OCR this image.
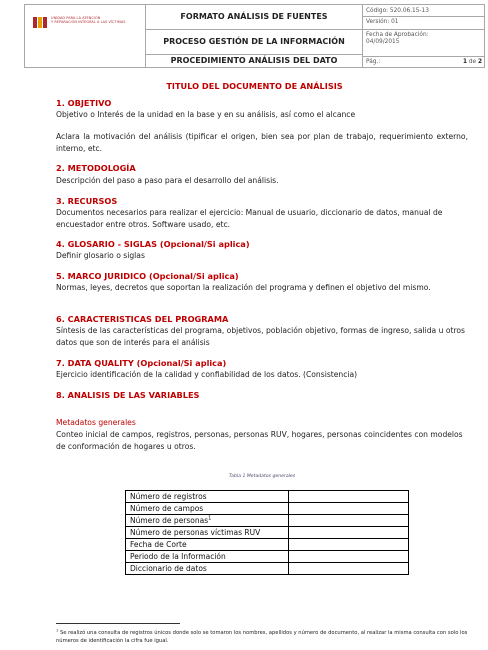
UNIDAD PARA LA ATENCIÓN
Y REPARACIÓN INTEGRAL A LAS VÍCTIMAS
FORMATO ANÁLISIS DE FUENTES
PROCESO GESTIÓN DE LA INFORMACIÓN
PROCEDIMIENTO ANÁLISIS DEL DATO
Código: 520.06.15-13
Versión: 01
Fecha de Aprobación:
04/09/2015
Pág.:	1 de 2
TITULO DEL DOCUMENTO DE ANÁLISIS
1. OBJETIVO
Objetivo o Interés de la unidad en la base y en su análisis, así como el alcance
Aclara la motivación del análisis (tipificar el origen, bien sea por plan de trabajo, requerimiento externo, interno, etc.
2. METODOLOGÍA
Descripción del paso a paso para el desarrollo del análisis.
3. RECURSOS
Documentos necesarios para realizar el ejercicio: Manual de usuario, diccionario de datos, manual de encuestador entre otros. Software usado, etc.
4. GLOSARIO - SIGLAS (Opcional/Si aplica)
Definir glosario o siglas
5. MARCO JURIDICO (Opcional/Si aplica)
Normas, leyes, decretos que soportan la realización del programa y definen el objetivo del mismo.
6. CARACTERISTICAS DEL PROGRAMA
Síntesis de las características del programa, objetivos, población objetivo, formas de ingreso, salida u otros datos que son de interés para el análisis
7. DATA QUALITY (Opcional/Si aplica)
Ejercicio identificación de la calidad y confiabilidad de los datos. (Consistencia)
8. ANALISIS DE LAS VARIABLES
Metadatos generales
Conteo inicial de campos, registros, personas, personas RUV, hogares, personas coincidentes con modelos de conformación de hogares u otros.
Tabla 1 Metadatos generales
Número de registros	
Número de campos	
Número de personas$^1$	
Número de personas víctimas RUV	
Fecha de Corte	
Periodo de la Información	
Diccionario de datos	
$^1$ Se realizó una consulta de registros únicos donde solo se tomaron los nombres, apellidos y número de documento, al realizar la misma consulta con solo los números de identificación la cifra fue igual.
